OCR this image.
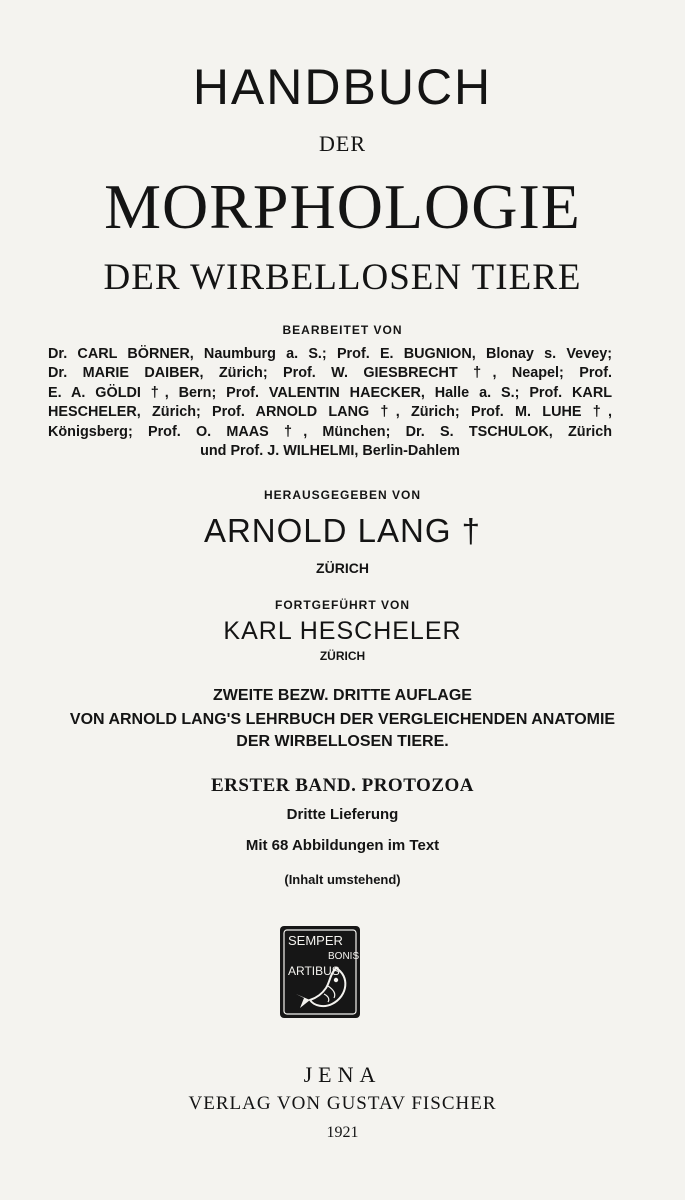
HANDBUCH
DER
MORPHOLOGIE
DER WIRBELLOSEN TIERE
BEARBEITET VON
Dr. CARL BÖRNER, Naumburg a. S.; Prof. E. BUGNION, Blonay s. Vevey;
Dr. MARIE DAIBER, Zürich; Prof. W. GIESBRECHT †, Neapel; Prof.
E. A. GÖLDI †, Bern; Prof. VALENTIN HAECKER, Halle a. S.; Prof. KARL
HESCHELER, Zürich; Prof. ARNOLD LANG †, Zürich; Prof. M. LUHE †,
Königsberg; Prof. O. MAAS †, München; Dr. S. TSCHULOK, Zürich
und Prof. J. WILHELMI, Berlin-Dahlem
HERAUSGEGEBEN VON
ARNOLD LANG †
ZÜRICH
FORTGEFÜHRT VON
KARL HESCHELER
ZÜRICH
ZWEITE BEZW. DRITTE AUFLAGE
VON ARNOLD LANG'S LEHRBUCH DER VERGLEICHENDEN ANATOMIE
DER WIRBELLOSEN TIERE.
ERSTER BAND. PROTOZOA
Dritte Lieferung
Mit 68 Abbildungen im Text
(Inhalt umstehend)
SEMPER
BONIS
ARTIBUS
JENA
VERLAG VON GUSTAV FISCHER
1921
